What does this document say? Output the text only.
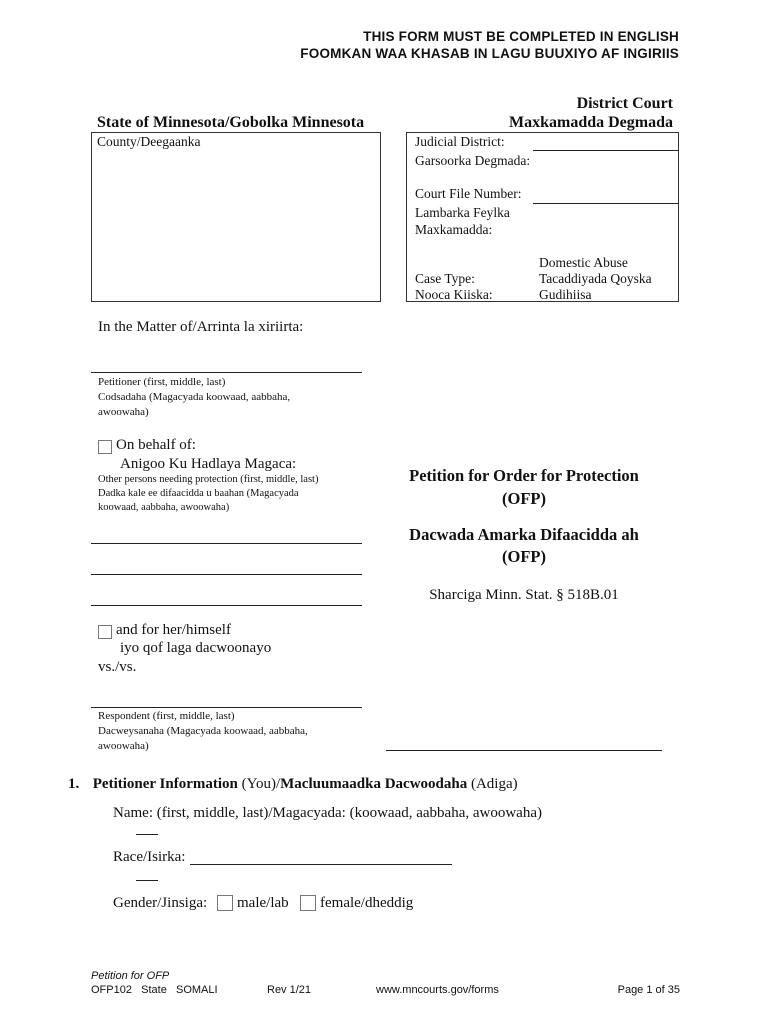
THIS FORM MUST BE COMPLETED IN ENGLISH
FOOMKAN WAA KHASAB IN LAGU BUUXIYO AF INGIRIIS
State of Minnesota/Gobolka Minnesota
District Court
Maxkamadda Degmada
County/Deegaanka	Judicial District:
Garsoorka Degmada:
Court File Number:
Lambarka Feylka
Maxkamadda:
Case Type:
Nooca Kiiska:
Domestic Abuse
Tacaddiyada Qoyska
Gudihiisa
In the Matter of/Arrinta la xiriirta:
Petitioner (first, middle, last)
Codsadaha (Magacyada koowaad, aabbaha,
awoowaha)
On behalf of:
Anigoo Ku Hadlaya Magaca:
Other persons needing protection (first, middle, last)
Dadka kale ee difaacidda u baahan (Magacyada
koowaad, aabbaha, awoowaha)
and for her/himself
iyo qof laga dacwoonayo
vs./vs.
Respondent (first, middle, last)
Dacweysanaha (Magacyada koowaad, aabbaha,
awoowaha)
Petition for Order for Protection
(OFP)
Dacwada Amarka Difaacidda ah
(OFP)
Sharciga Minn. Stat. § 518B.01
1. Petitioner Information (You)/Macluumaadka Dacwoodaha (Adiga)
Name: (first, middle, last)/Magacyada: (koowaad, aabbaha, awoowaha)
Race/Isirka:
Gender/Jinsiga: male/lab female/dheddig
Petition for OFP
OFP102   State   SOMALI	Rev 1/21	www.mncourts.gov/forms	Page 1 of 35
